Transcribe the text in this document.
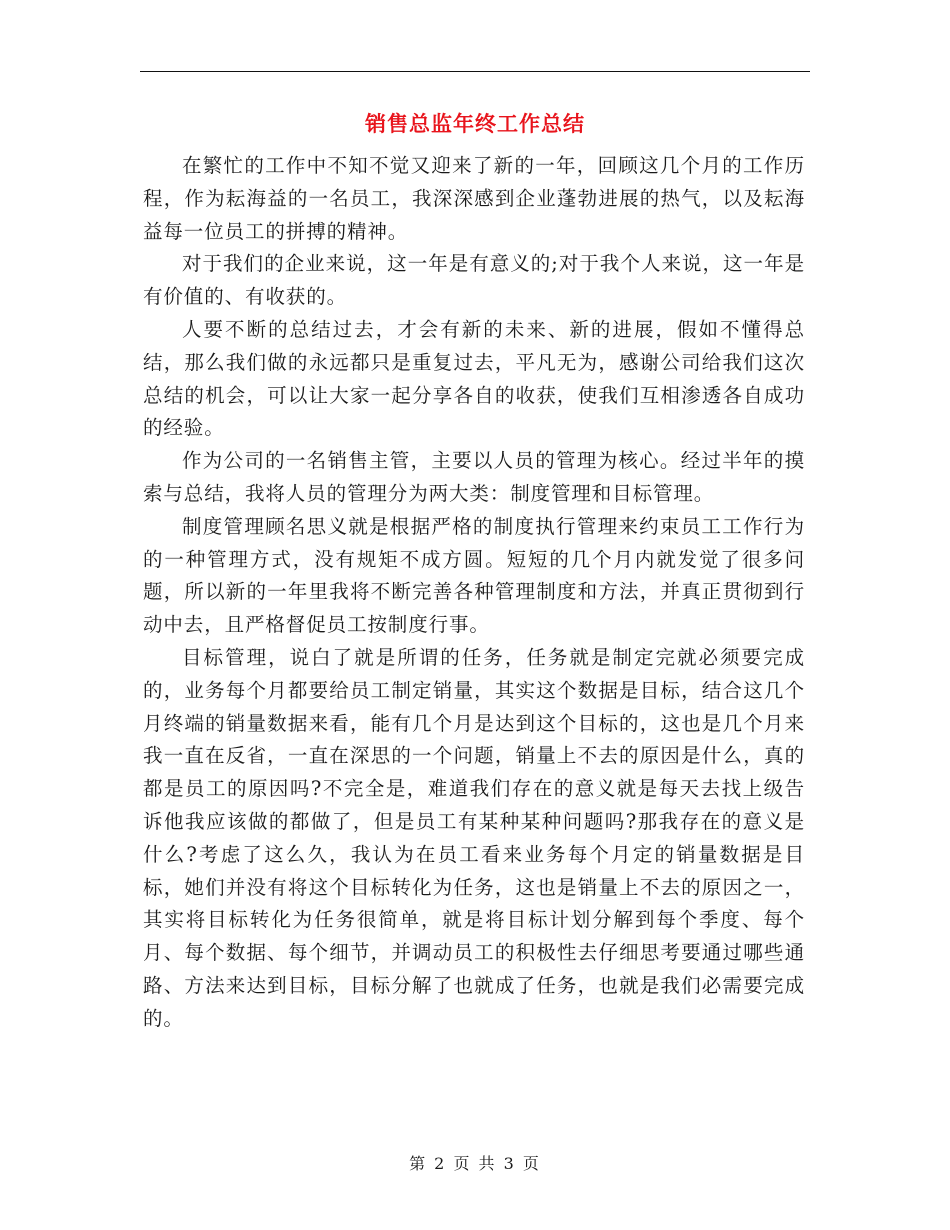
销售总监年终工作总结

在繁忙的工作中不知不觉又迎来了新的一年，回顾这几个月的工作历程，作为耘海益的一名员工，我深深感到企业蓬勃进展的热气，以及耘海益每一位员工的拼搏的精神。

对于我们的企业来说，这一年是有意义的;对于我个人来说，这一年是有价值的、有收获的。

人要不断的总结过去，才会有新的未来、新的进展，假如不懂得总结，那么我们做的永远都只是重复过去，平凡无为，感谢公司给我们这次总结的机会，可以让大家一起分享各自的收获，使我们互相渗透各自成功的经验。

作为公司的一名销售主管，主要以人员的管理为核心。经过半年的摸索与总结，我将人员的管理分为两大类：制度管理和目标管理。

制度管理顾名思义就是根据严格的制度执行管理来约束员工工作行为的一种管理方式，没有规矩不成方圆。短短的几个月内就发觉了很多问题，所以新的一年里我将不断完善各种管理制度和方法，并真正贯彻到行动中去，且严格督促员工按制度行事。

目标管理，说白了就是所谓的任务，任务就是制定完就必须要完成的，业务每个月都要给员工制定销量，其实这个数据是目标，结合这几个月终端的销量数据来看，能有几个月是达到这个目标的，这也是几个月来我一直在反省，一直在深思的一个问题，销量上不去的原因是什么，真的都是员工的原因吗?不完全是，难道我们存在的意义就是每天去找上级告诉他我应该做的都做了，但是员工有某种某种问题吗?那我存在的意义是什么?考虑了这么久，我认为在员工看来业务每个月定的销量数据是目标，她们并没有将这个目标转化为任务，这也是销量上不去的原因之一，其实将目标转化为任务很简单，就是将目标计划分解到每个季度、每个月、每个数据、每个细节，并调动员工的积极性去仔细思考要通过哪些通路、方法来达到目标，目标分解了也就成了任务，也就是我们必需要完成的。

第 2 页 共 3 页
